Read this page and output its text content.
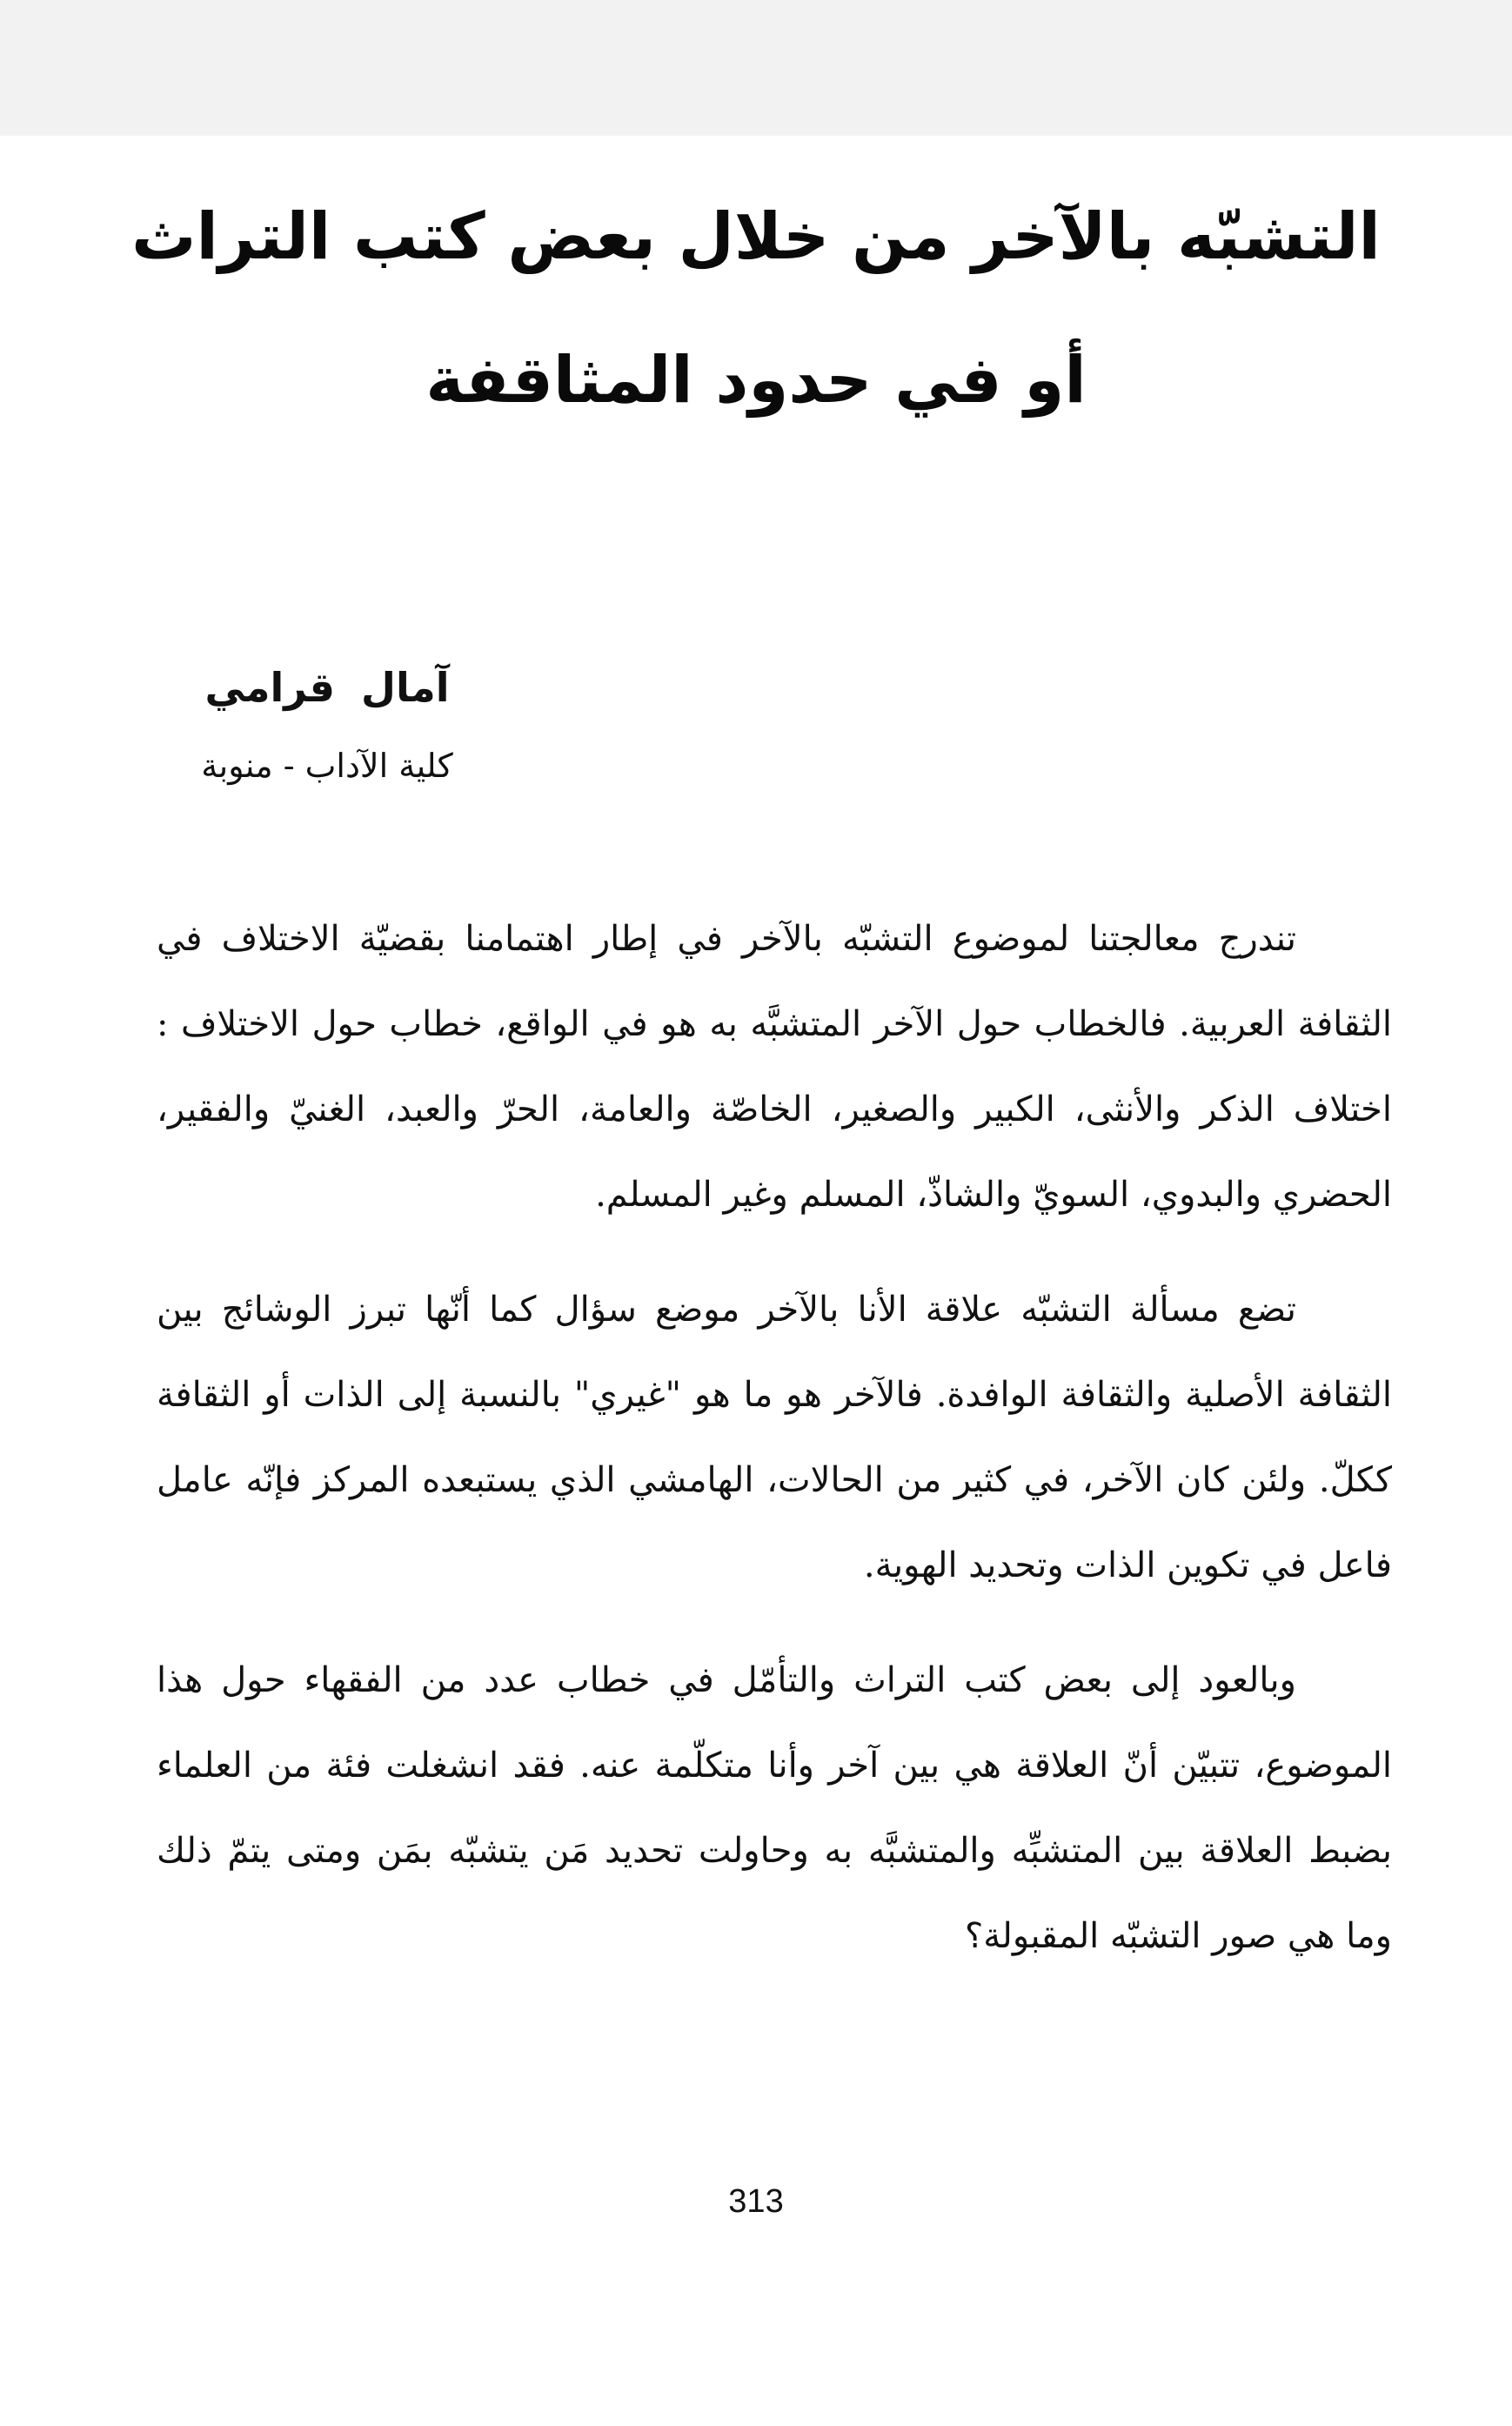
التشبّه بالآخر من خلال بعض كتب التراث
أو في حدود المثاقفة
آمال قرامي
كلية الآداب - منوبة

تندرج معالجتنا لموضوع التشبّه بالآخر في إطار اهتمامنا بقضيّة الاختلاف في الثقافة العربية. فالخطاب حول الآخر المتشبَّه به هو في الواقع، خطاب حول الاختلاف : اختلاف الذكر والأنثى، الكبير والصغير، الخاصّة والعامة، الحرّ والعبد، الغنيّ والفقير، الحضري والبدوي، السويّ والشاذّ، المسلم وغير المسلم.

تضع مسألة التشبّه علاقة الأنا بالآخر موضع سؤال كما أنّها تبرز الوشائج بين الثقافة الأصلية والثقافة الوافدة. فالآخر هو ما هو "غيري" بالنسبة إلى الذات أو الثقافة ككلّ. ولئن كان الآخر، في كثير من الحالات، الهامشي الذي يستبعده المركز فإنّه عامل فاعل في تكوين الذات وتحديد الهوية.

وبالعود إلى بعض كتب التراث والتأمّل في خطاب عدد من الفقهاء حول هذا الموضوع، تتبيّن أنّ العلاقة هي بين آخر وأنا متكلّمة عنه. فقد انشغلت فئة من العلماء بضبط العلاقة بين المتشبِّه والمتشبَّه به وحاولت تحديد مَن يتشبّه بمَن ومتى يتمّ ذلك وما هي صور التشبّه المقبولة؟

313
